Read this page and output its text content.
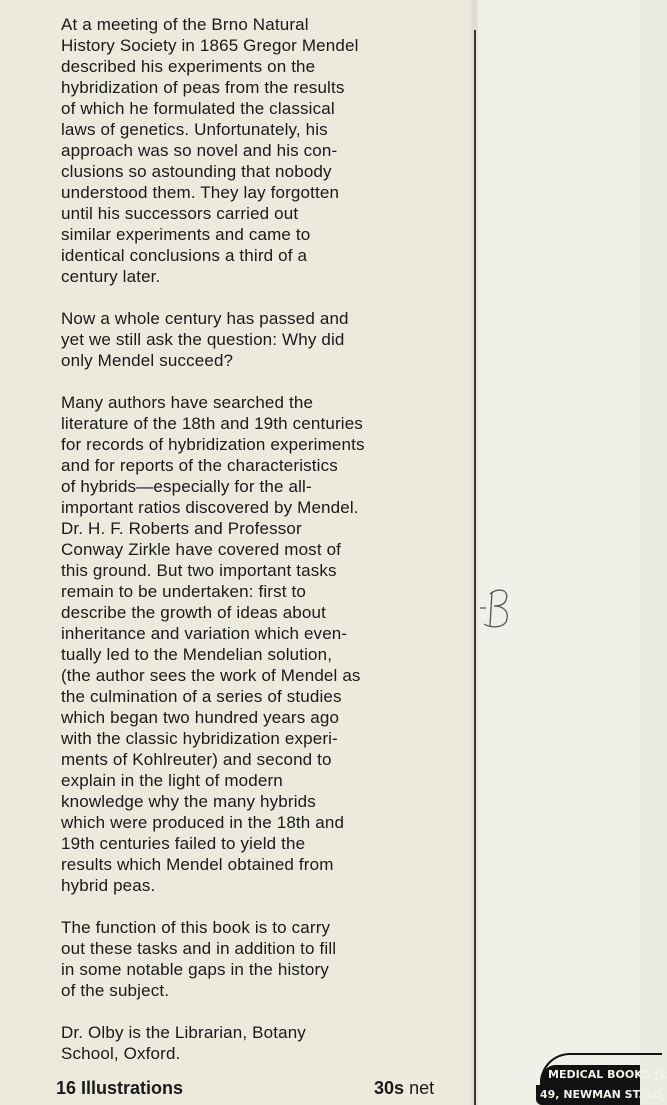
At a meeting of the Brno Natural
History Society in 1865 Gregor Mendel
described his experiments on the
hybridization of peas from the results
of which he formulated the classical
laws of genetics. Unfortunately, his
approach was so novel and his con-
clusions so astounding that nobody
understood them. They lay forgotten
until his successors carried out
similar experiments and came to
identical conclusions a third of a
century later.

Now a whole century has passed and
yet we still ask the question: Why did
only Mendel succeed?

Many authors have searched the
literature of the 18th and 19th centuries
for records of hybridization experiments
and for reports of the characteristics
of hybrids—especially for the all-
important ratios discovered by Mendel.
Dr. H. F. Roberts and Professor
Conway Zirkle have covered most of
this ground. But two important tasks
remain to be undertaken: first to
describe the growth of ideas about
inheritance and variation which even-
tually led to the Mendelian solution,
(the author sees the work of Mendel as
the culmination of a series of studies
which began two hundred years ago
with the classic hybridization experi-
ments of Kohlreuter) and second to
explain in the light of modern
knowledge why the many hybrids
which were produced in the 18th and
19th centuries failed to yield the
results which Mendel obtained from
hybrid peas.

The function of this book is to carry
out these tasks and in addition to fill
in some notable gaps in the history
of the subject.

Dr. Olby is the Librarian, Botany
School, Oxford.

16 Illustrations	30s net
MEDICAL BOOKS (L
49, NEWMAN ST. LO
